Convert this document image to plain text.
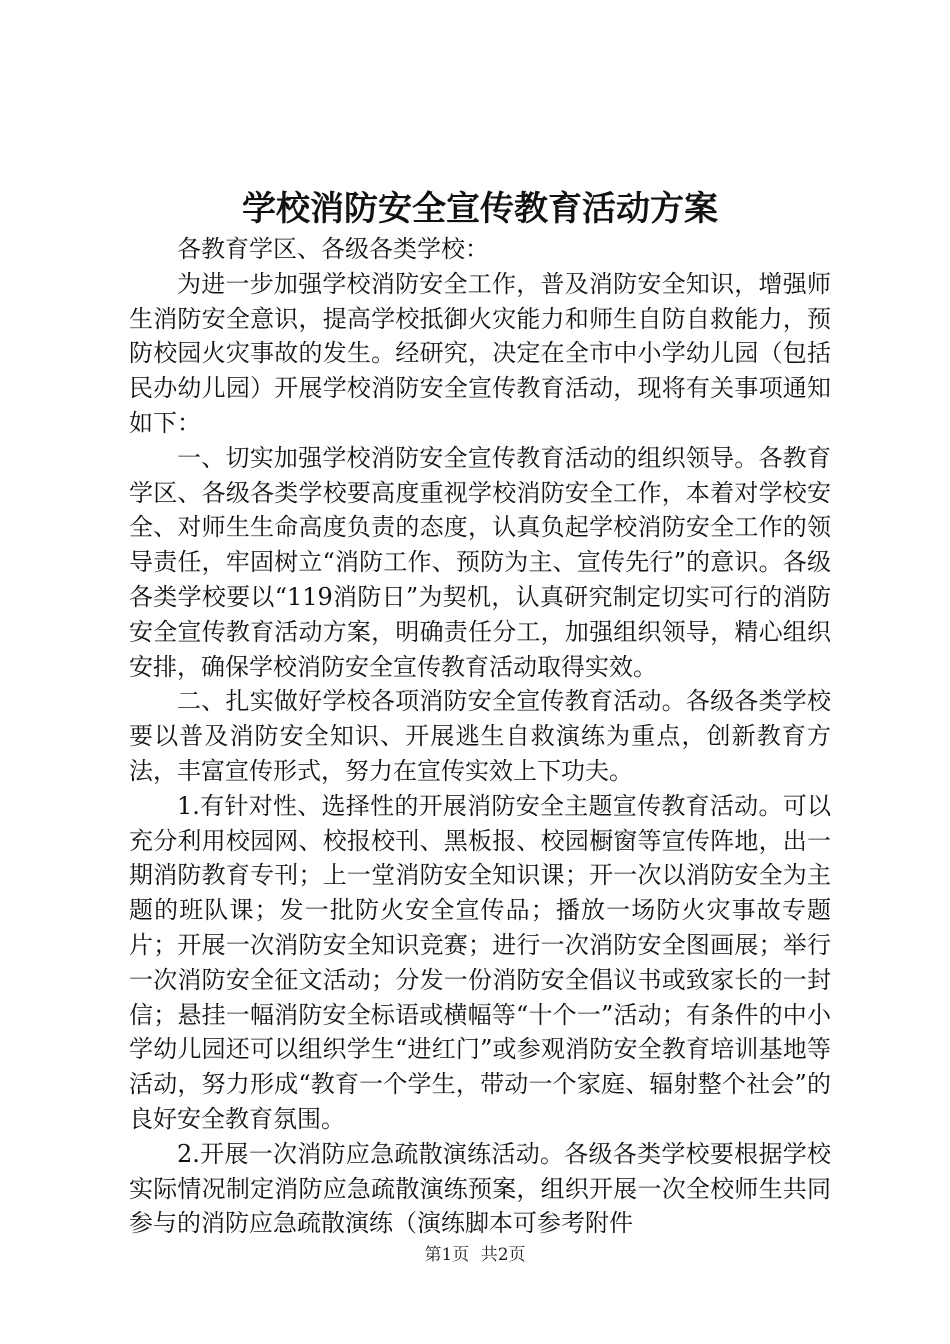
学校消防安全宣传教育活动方案

各教育学区、各级各类学校：

为进一步加强学校消防安全工作，普及消防安全知识，增强师生消防安全意识，提高学校抵御火灾能力和师生自防自救能力，预防校园火灾事故的发生。经研究，决定在全市中小学幼儿园（包括民办幼儿园）开展学校消防安全宣传教育活动，现将有关事项通知如下：

一、切实加强学校消防安全宣传教育活动的组织领导。各教育学区、各级各类学校要高度重视学校消防安全工作，本着对学校安全、对师生生命高度负责的态度，认真负起学校消防安全工作的领导责任，牢固树立“消防工作、预防为主、宣传先行”的意识。各级各类学校要以“119消防日”为契机，认真研究制定切实可行的消防安全宣传教育活动方案，明确责任分工，加强组织领导，精心组织安排，确保学校消防安全宣传教育活动取得实效。

二、扎实做好学校各项消防安全宣传教育活动。各级各类学校要以普及消防安全知识、开展逃生自救演练为重点，创新教育方法，丰富宣传形式，努力在宣传实效上下功夫。

1.有针对性、选择性的开展消防安全主题宣传教育活动。可以充分利用校园网、校报校刊、黑板报、校园橱窗等宣传阵地，出一期消防教育专刊；上一堂消防安全知识课；开一次以消防安全为主题的班队课；发一批防火安全宣传品；播放一场防火灾事故专题片；开展一次消防安全知识竞赛；进行一次消防安全图画展；举行一次消防安全征文活动；分发一份消防安全倡议书或致家长的一封信；悬挂一幅消防安全标语或横幅等“十个一”活动；有条件的中小学幼儿园还可以组织学生“进红门”或参观消防安全教育培训基地等活动，努力形成“教育一个学生，带动一个家庭、辐射整个社会”的良好安全教育氛围。

2.开展一次消防应急疏散演练活动。各级各类学校要根据学校实际情况制定消防应急疏散演练预案，组织开展一次全校师生共同参与的消防应急疏散演练（演练脚本可参考附件

第1页 共2页
